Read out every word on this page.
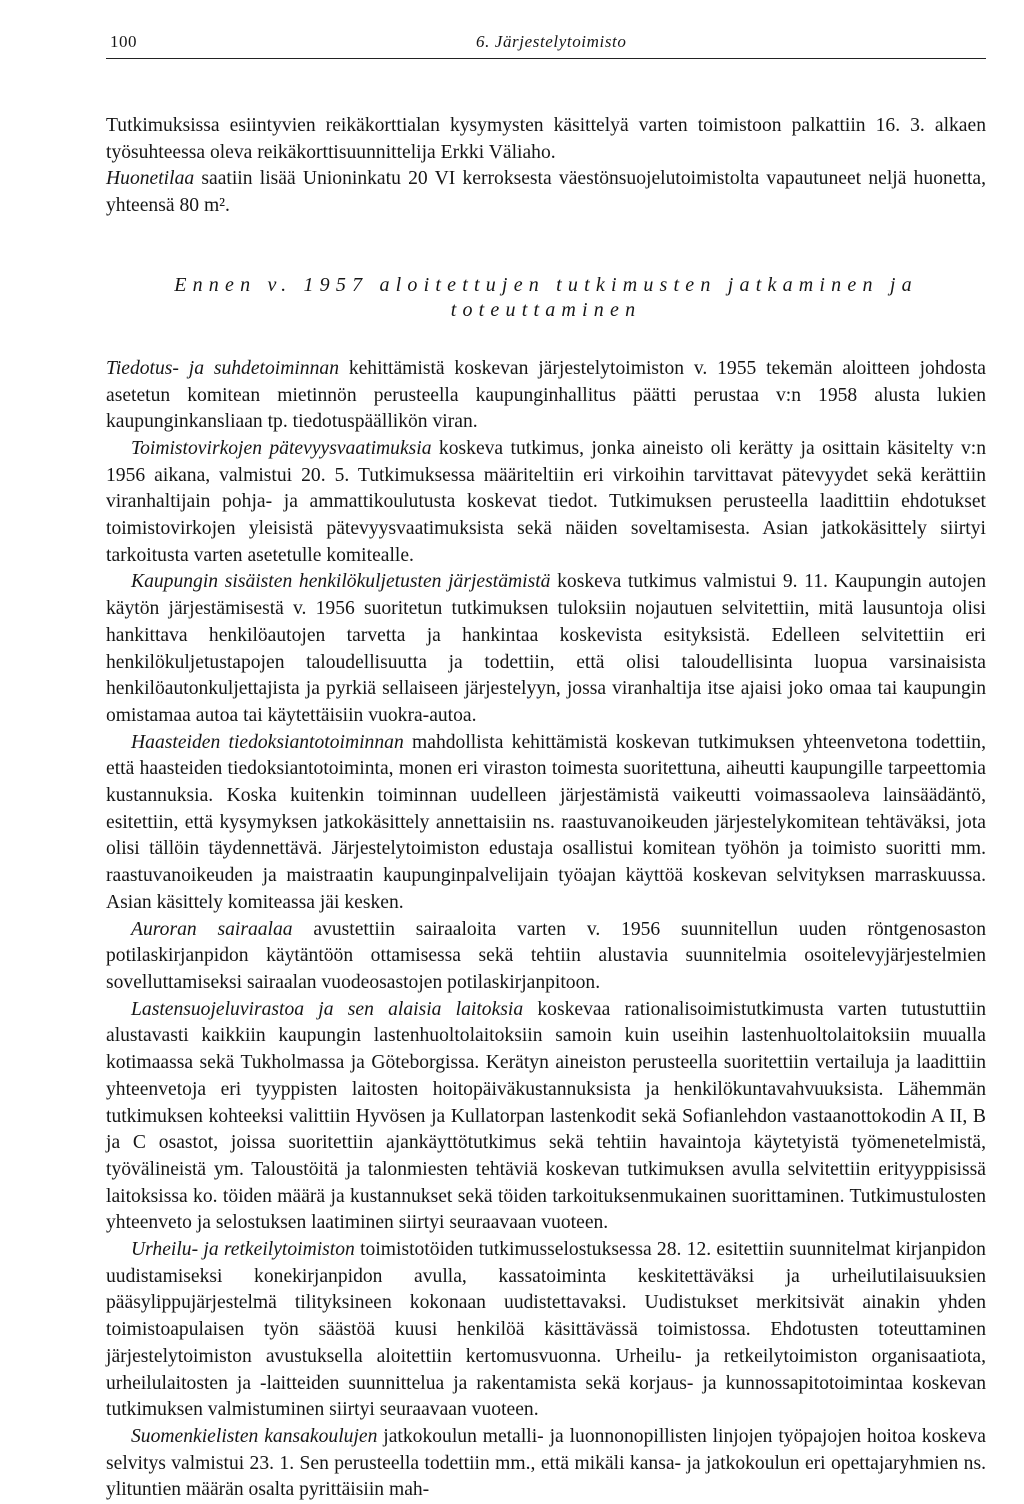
100	6. Järjestelytoimisto

Tutkimuksissa esiintyvien reikäkorttialan kysymysten käsittelyä varten toimistoon palkattiin 16. 3. alkaen työsuhteessa oleva reikäkorttisuunnittelija Erkki Väliaho.
Huonetilaa saatiin lisää Unioninkatu 20 VI kerroksesta väestönsuojelutoimistolta vapautuneet neljä huonetta, yhteensä 80 m².

Ennen v. 1957 aloitettujen tutkimusten jatkaminen ja
toteuttaminen

Tiedotus- ja suhdetoiminnan kehittämistä koskevan järjestelytoimiston v. 1955 tekemän aloitteen johdosta asetetun komitean mietinnön perusteella kaupunginhallitus päätti perustaa v:n 1958 alusta lukien kaupunginkansliaan tp. tiedotuspäällikön viran.

Toimistovirkojen pätevyysvaatimuksia koskeva tutkimus, jonka aineisto oli kerätty ja osittain käsitelty v:n 1956 aikana, valmistui 20. 5. Tutkimuksessa määriteltiin eri virkoihin tarvittavat pätevyydet sekä kerättiin viranhaltijain pohja- ja ammattikoulutusta koskevat tiedot. Tutkimuksen perusteella laadittiin ehdotukset toimistovirkojen yleisistä pätevyysvaatimuksista sekä näiden soveltamisesta. Asian jatkokäsittely siirtyi tarkoitusta varten asetetulle komitealle.

Kaupungin sisäisten henkilökuljetusten järjestämistä koskeva tutkimus valmistui 9. 11. Kaupungin autojen käytön järjestämisestä v. 1956 suoritetun tutkimuksen tuloksiin nojautuen selvitettiin, mitä lausuntoja olisi hankittava henkilöautojen tarvetta ja hankintaa koskevista esityksistä. Edelleen selvitettiin eri henkilökuljetustapojen taloudellisuutta ja todettiin, että olisi taloudellisinta luopua varsinaisista henkilöautonkuljettajista ja pyrkiä sellaiseen järjestelyyn, jossa viranhaltija itse ajaisi joko omaa tai kaupungin omistamaa autoa tai käytettäisiin vuokra-autoa.

Haasteiden tiedoksiantotoiminnan mahdollista kehittämistä koskevan tutkimuksen yhteenvetona todettiin, että haasteiden tiedoksiantotoiminta, monen eri viraston toimesta suoritettuna, aiheutti kaupungille tarpeettomia kustannuksia. Koska kuitenkin toiminnan uudelleen järjestämistä vaikeutti voimassaoleva lainsäädäntö, esitettiin, että kysymyksen jatkokäsittely annettaisiin ns. raastuvanoikeuden järjestelykomitean tehtäväksi, jota olisi tällöin täydennettävä. Järjestelytoimiston edustaja osallistui komitean työhön ja toimisto suoritti mm. raastuvanoikeuden ja maistraatin kaupunginpalvelijain työajan käyttöä koskevan selvityksen marraskuussa. Asian käsittely komiteassa jäi kesken.

Auroran sairaalaa avustettiin sairaaloita varten v. 1956 suunnitellun uuden röntgenosaston potilaskirjanpidon käytäntöön ottamisessa sekä tehtiin alustavia suunnitelmia osoitelevyjärjestelmien sovelluttamiseksi sairaalan vuodeosastojen potilaskirjanpitoon.

Lastensuojeluvirastoa ja sen alaisia laitoksia koskevaa rationalisoimistutkimusta varten tutustuttiin alustavasti kaikkiin kaupungin lastenhuoltolaitoksiin samoin kuin useihin lastenhuoltolaitoksiin muualla kotimaassa sekä Tukholmassa ja Göteborgissa. Kerätyn aineiston perusteella suoritettiin vertailuja ja laadittiin yhteenvetoja eri tyyppisten laitosten hoitopäiväkustannuksista ja henkilökuntavahvuuksista. Lähemmän tutkimuksen kohteeksi valittiin Hyvösen ja Kullatorpan lastenkodit sekä Sofianlehdon vastaanottokodin A II, B ja C osastot, joissa suoritettiin ajankäyttötutkimus sekä tehtiin havaintoja käytetyistä työmenetelmistä, työvälineistä ym. Taloustöitä ja talonmiesten tehtäviä koskevan tutkimuksen avulla selvitettiin erityyppisissä laitoksissa ko. töiden määrä ja kustannukset sekä töiden tarkoituksenmukainen suorittaminen. Tutkimustulosten yhteenveto ja selostuksen laatiminen siirtyi seuraavaan vuoteen.

Urheilu- ja retkeilytoimiston toimistotöiden tutkimusselostuksessa 28. 12. esitettiin suunnitelmat kirjanpidon uudistamiseksi konekirjanpidon avulla, kassatoiminta keskitettäväksi ja urheilutilaisuuksien pääsylippujärjestelmä tilityksineen kokonaan uudistettavaksi. Uudistukset merkitsivät ainakin yhden toimistoapulaisen työn säästöä kuusi henkilöä käsittävässä toimistossa. Ehdotusten toteuttaminen järjestelytoimiston avustuksella aloitettiin kertomusvuonna. Urheilu- ja retkeilytoimiston organisaatiota, urheilulaitosten ja -laitteiden suunnittelua ja rakentamista sekä korjaus- ja kunnossapitotoimintaa koskevan tutkimuksen valmistuminen siirtyi seuraavaan vuoteen.

Suomenkielisten kansakoulujen jatkokoulun metalli- ja luonnonopillisten linjojen työpajojen hoitoa koskeva selvitys valmistui 23. 1. Sen perusteella todettiin mm., että mikäli kansa- ja jatkokoulun eri opettajaryhmien ns. ylituntien määrän osalta pyrittäisiin mah-
